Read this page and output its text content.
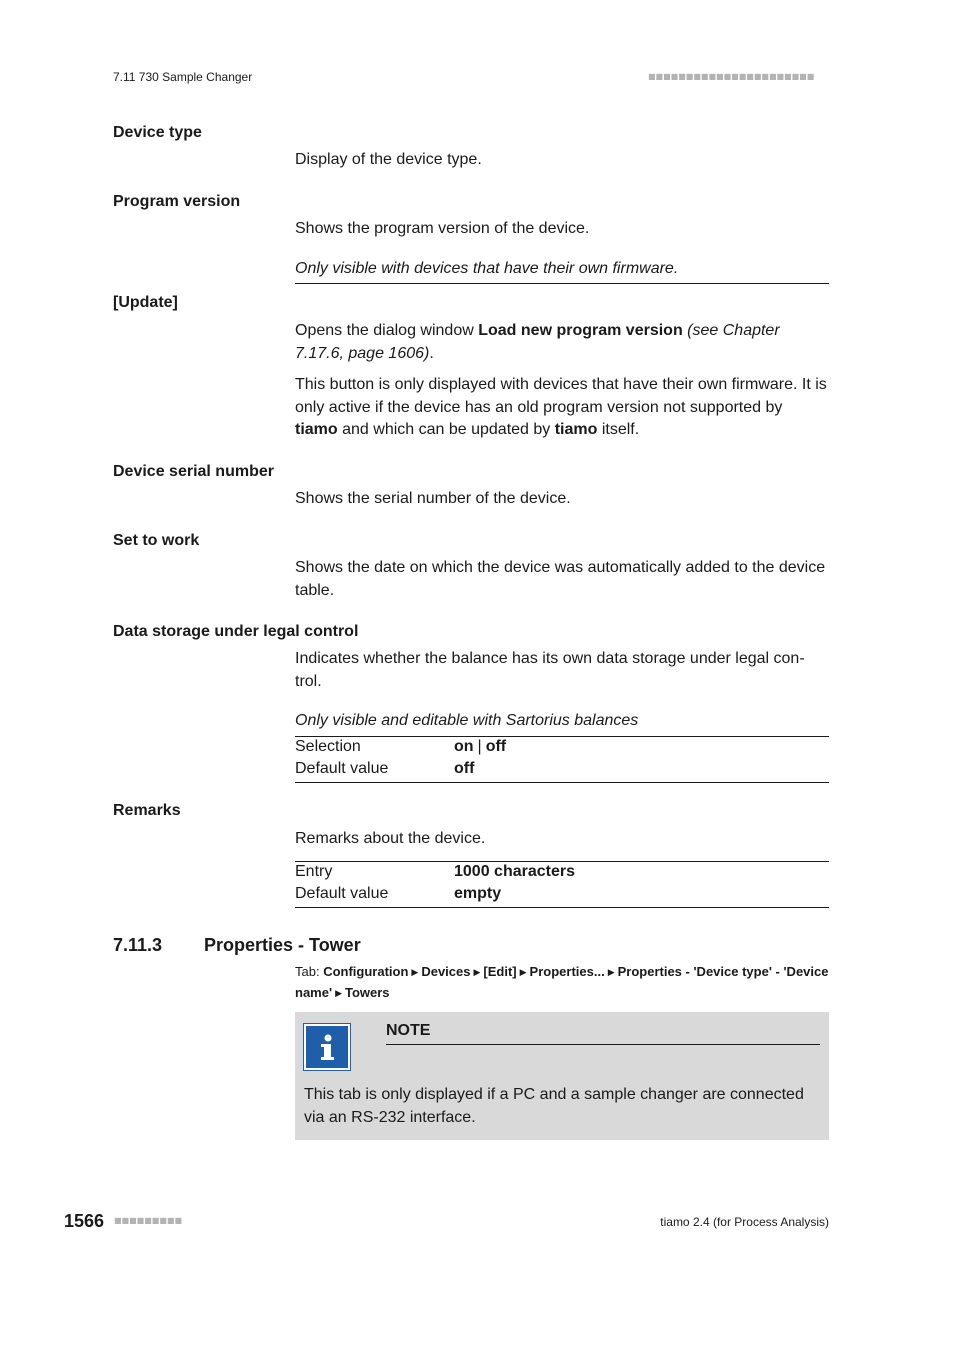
7.11 730 Sample Changer	■■■■■■■■■■■■■■■■■■■■■■
Device type
Display of the device type.
Program version
Shows the program version of the device.
Only visible with devices that have their own firmware.
[Update]
Opens the dialog window Load new program version (see Chapter 7.17.6, page 1606).
This button is only displayed with devices that have their own firmware. It is only active if the device has an old program version not supported by tiamo and which can be updated by tiamo itself.
Device serial number
Shows the serial number of the device.
Set to work
Shows the date on which the device was automatically added to the device table.
Data storage under legal control
Indicates whether the balance has its own data storage under legal con-trol.
Only visible and editable with Sartorius balances
Selection	on | off
Default value	off
Remarks
Remarks about the device.
Entry	1000 characters
Default value	empty
7.11.3 Properties - Tower
Tab: Configuration ▶ Devices ▶ [Edit] ▶ Properties... ▶ Properties - 'Device type' - 'Device name' ▶ Towers
NOTE
This tab is only displayed if a PC and a sample changer are connected via an RS-232 interface.
1566 ■■■■■■■■■	tiamo 2.4 (for Process Analysis)
